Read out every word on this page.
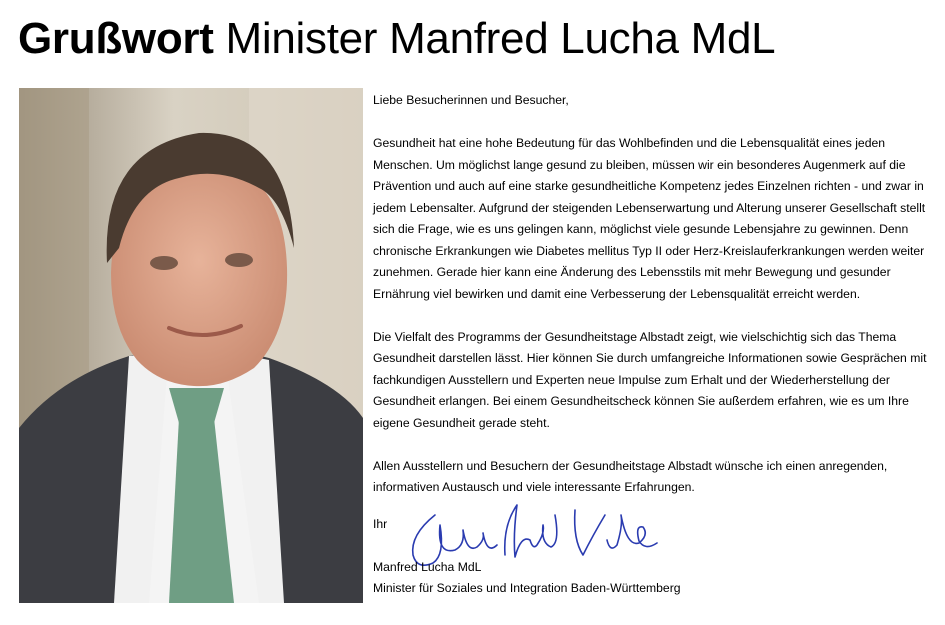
Grußwort Minister Manfred Lucha MdL

Liebe Besucherinnen und Besucher,

Gesundheit hat eine hohe Bedeutung für das Wohlbefinden und die Lebensqualität eines jeden Menschen. Um möglichst lange gesund zu bleiben, müssen wir ein besonderes Augenmerk auf die Prävention und auch auf eine starke gesundheitliche Kompetenz jedes Einzelnen richten - und zwar in jedem Lebensalter. Aufgrund der steigenden Lebenserwartung und Alterung unserer Gesellschaft stellt sich die Frage, wie es uns gelingen kann, möglichst viele gesunde Lebensjahre zu gewinnen. Denn chronische Erkrankungen wie Diabetes mellitus Typ II oder Herz-Kreislauferkrankungen werden weiter zunehmen. Gerade hier kann eine Änderung des Lebensstils mit mehr Bewegung und gesunder Ernährung viel bewirken und damit eine Verbesserung der Lebensqualität erreicht werden.

Die Vielfalt des Programms der Gesundheitstage Albstadt zeigt, wie vielschichtig sich das Thema Gesundheit darstellen lässt. Hier können Sie durch umfangreiche Informationen sowie Gesprächen mit fachkundigen Ausstellern und Experten neue Impulse zum Erhalt und der Wiederherstellung der Gesundheit erlangen. Bei einem Gesundheitscheck können Sie außerdem erfahren, wie es um Ihre eigene Gesundheit gerade steht.

Allen Ausstellern und Besuchern der Gesundheitstage Albstadt wünsche ich einen anregenden, informativen Austausch und viele interessante Erfahrungen.

Ihr
Manfred Lucha MdL
Minister für Soziales und Integration Baden-Württemberg
